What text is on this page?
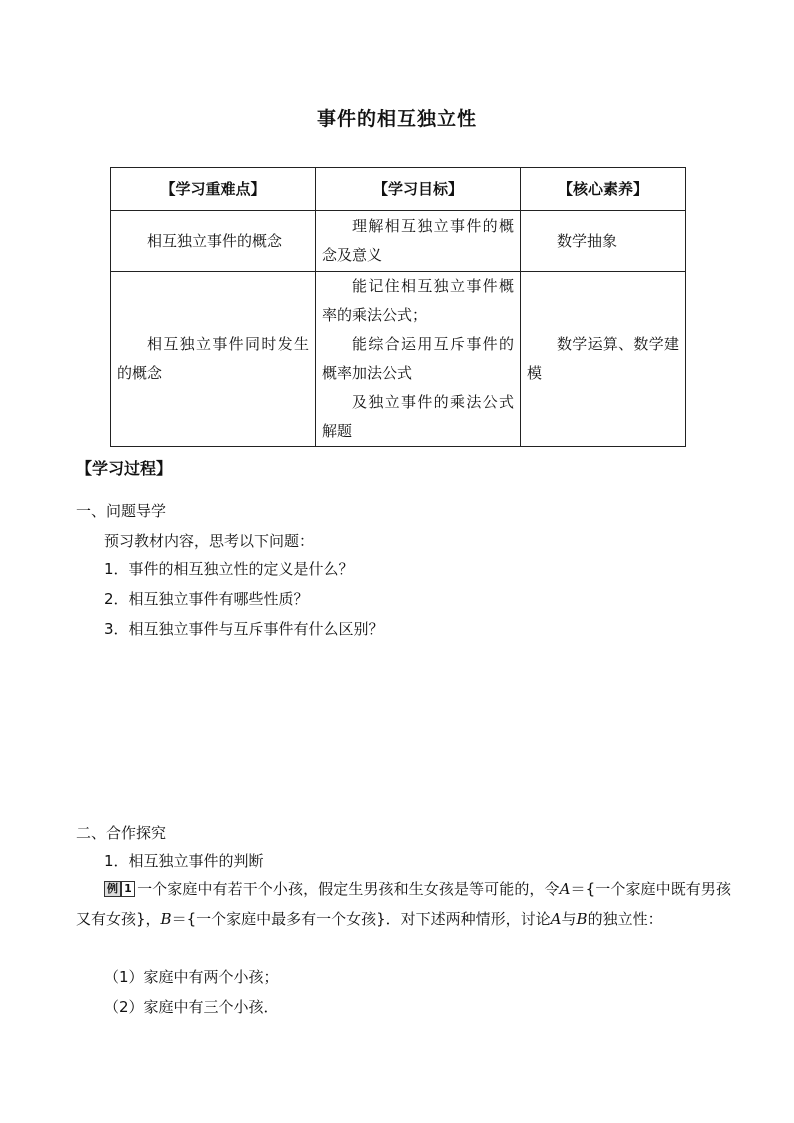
事件的相互独立性
【学习重难点】	【学习目标】	【核心素养】

相互独立事件的概念	理解相互独立事件的概念及意义	数学抽象

相互独立事件同时发生的概念	能记住相互独立事件概率的乘法公式；
能综合运用互斥事件的概率加法公式
及独立事件的乘法公式解题	数学运算、数学建模
【学习过程】
一、问题导学
预习教材内容，思考以下问题：
1．事件的相互独立性的定义是什么？
2．相互独立事件有哪些性质？
3．相互独立事件与互斥事件有什么区别？
二、合作探究
1．相互独立事件的判断
例 1 一个家庭中有若干个小孩，假定生男孩和生女孩是等可能的，令A＝{一个家庭中既有男孩又有女孩}，B＝{一个家庭中最多有一个女孩}．对下述两种情形，讨论A与B的独立性：
（1）家庭中有两个小孩；
（2）家庭中有三个小孩．
